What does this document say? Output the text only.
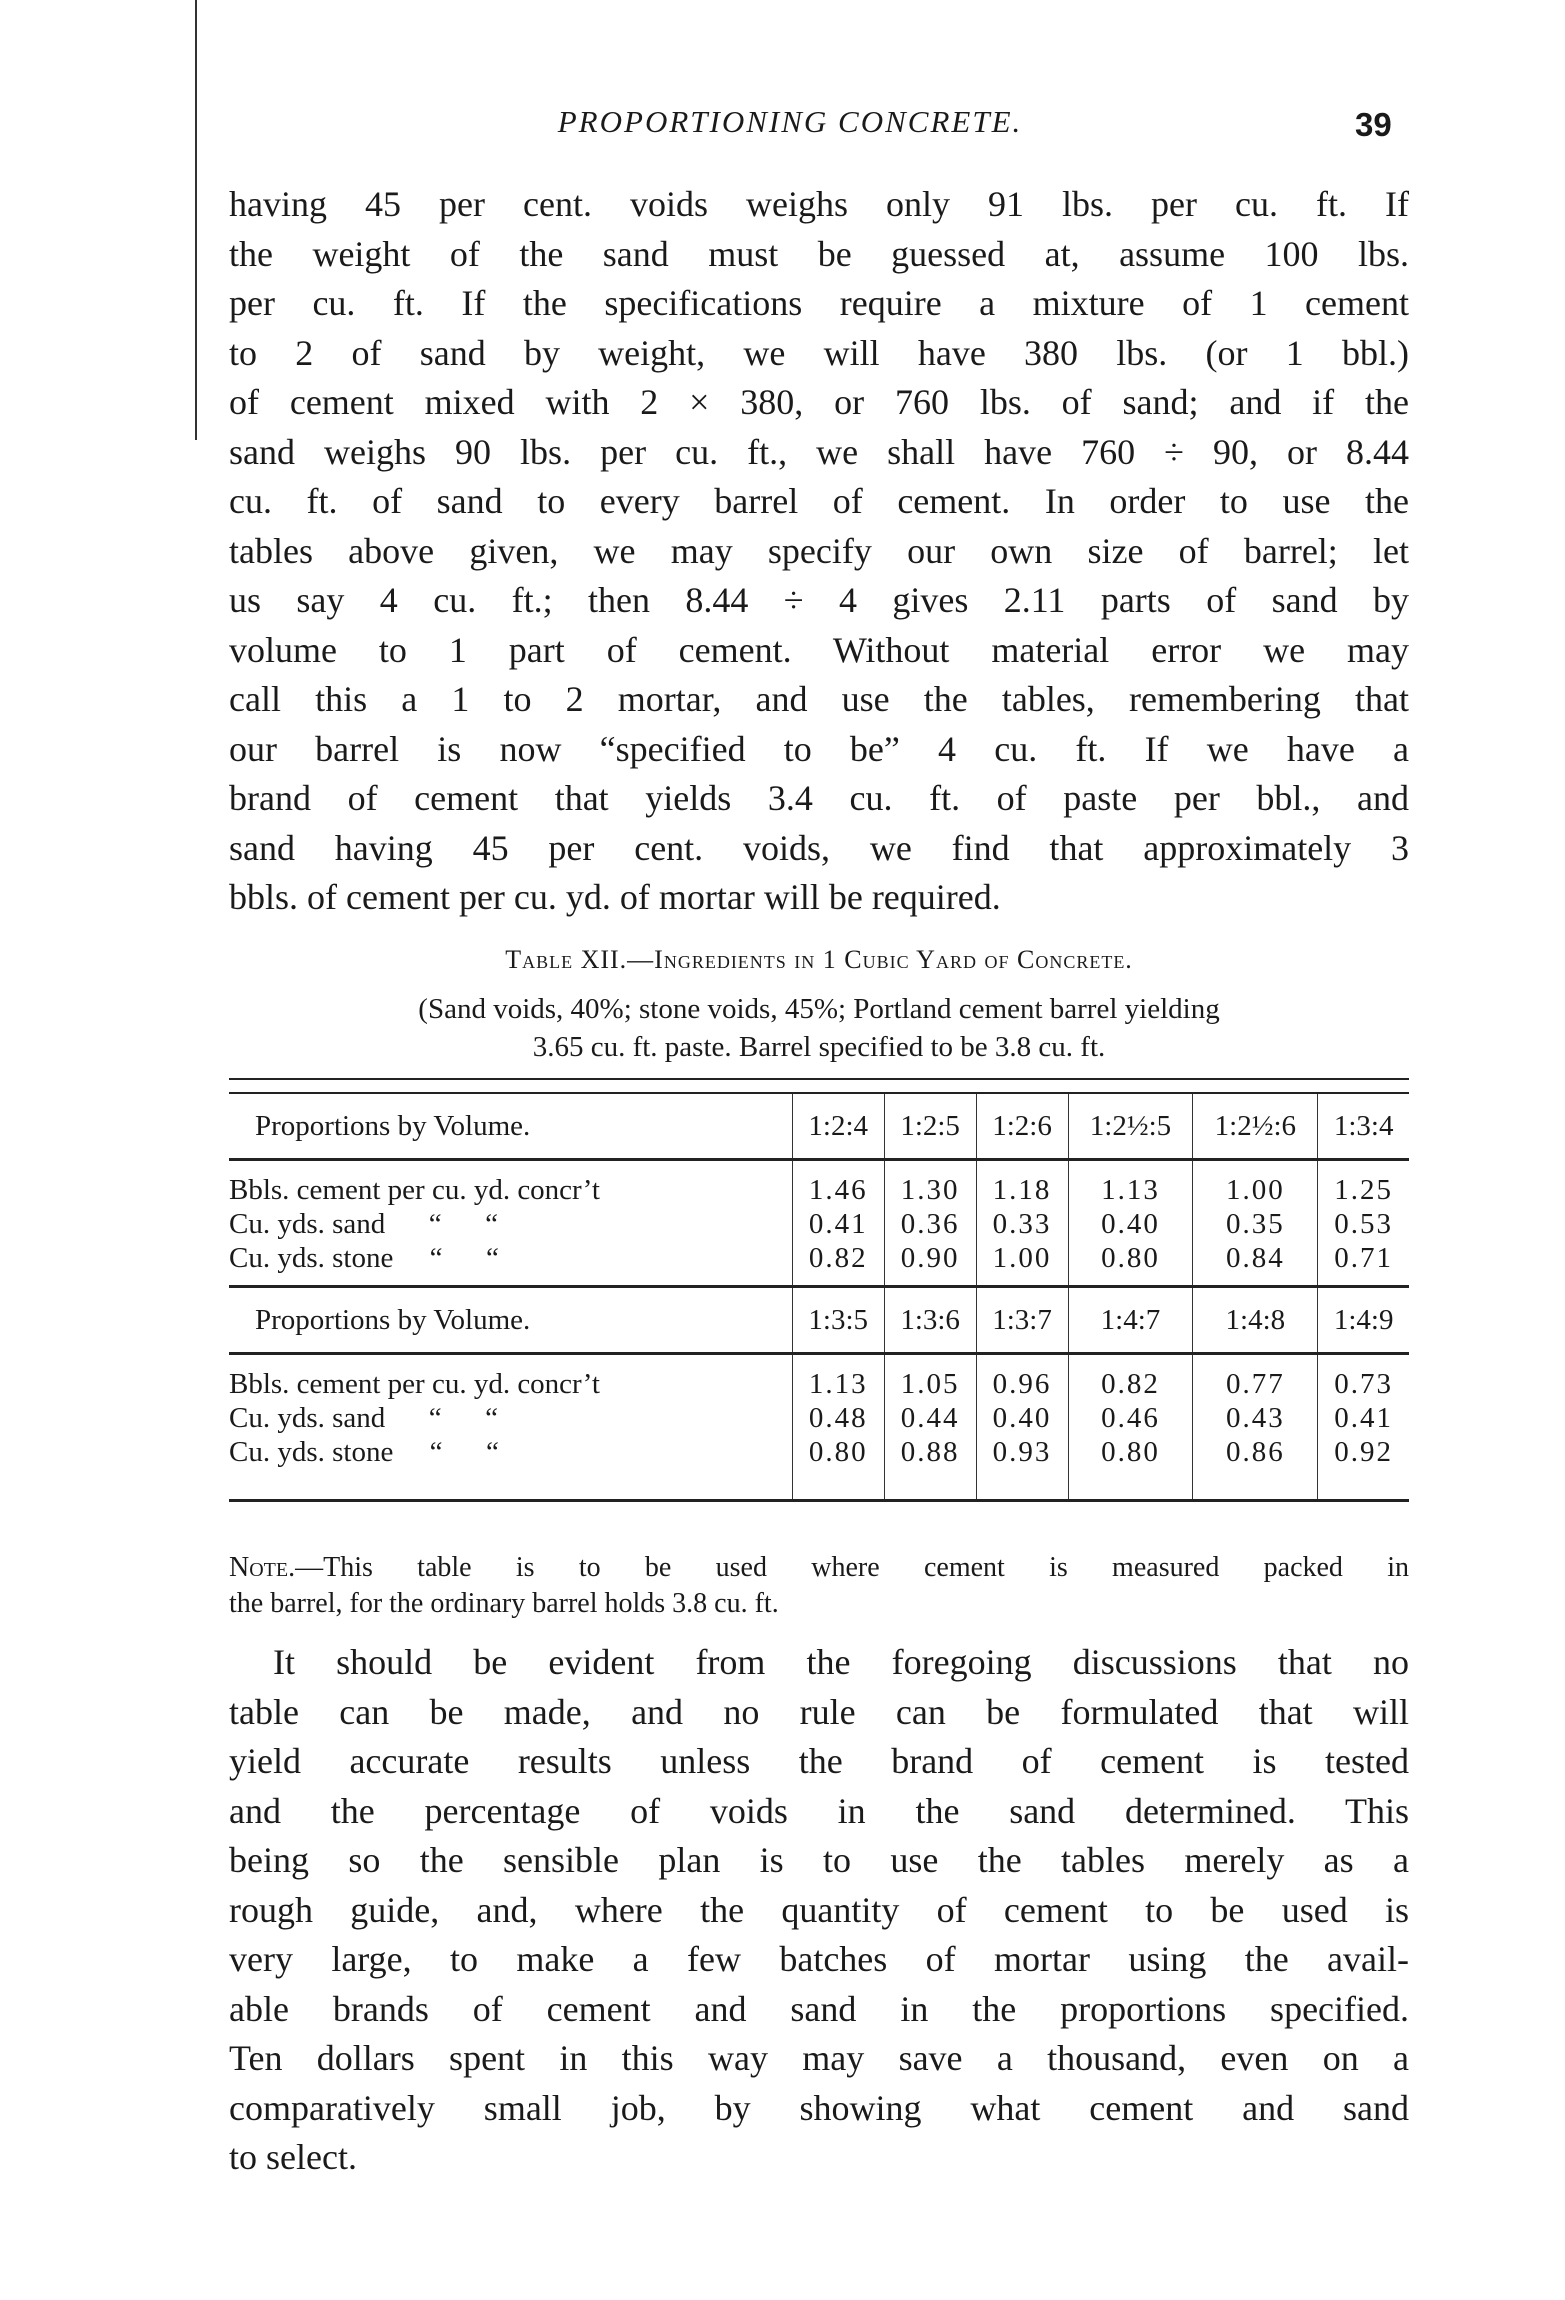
PROPORTIONING CONCRETE.	39
having 45 per cent. voids weighs only 91 lbs. per cu. ft. If
the weight of the sand must be guessed at, assume 100 lbs.
per cu. ft. If the specifications require a mixture of 1 cement
to 2 of sand by weight, we will have 380 lbs. (or 1 bbl.)
of cement mixed with 2 × 380, or 760 lbs. of sand; and if the
sand weighs 90 lbs. per cu. ft., we shall have 760 ÷ 90, or 8.44
cu. ft. of sand to every barrel of cement. In order to use the
tables above given, we may specify our own size of barrel; let
us say 4 cu. ft.; then 8.44 ÷ 4 gives 2.11 parts of sand by
volume to 1 part of cement. Without material error we may
call this a 1 to 2 mortar, and use the tables, remembering that
our barrel is now “specified to be” 4 cu. ft. If we have a
brand of cement that yields 3.4 cu. ft. of paste per bbl., and
sand having 45 per cent. voids, we find that approximately 3
bbls. of cement per cu. yd. of mortar will be required.
Table XII.—Ingredients in 1 Cubic Yard of Concrete.
(Sand voids, 40%; stone voids, 45%; Portland cement barrel yielding
3.65 cu. ft. paste. Barrel specified to be 3.8 cu. ft.

Proportions by Volume.	1:2:4	1:2:5	1:2:6	1:2½:5	1:2½:6	1:3:4

Bbls. cement per cu. yd. concr’t	1.46	1.30	1.18	1.13	1.00	1.25
Cu. yds. sand      “      “	0.41	0.36	0.33	0.40	0.35	0.53
Cu. yds. stone     “      “	0.82	0.90	1.00	0.80	0.84	0.71

Proportions by Volume.	1:3:5	1:3:6	1:3:7	1:4:7	1:4:8	1:4:9

Bbls. cement per cu. yd. concr’t	1.13	1.05	0.96	0.82	0.77	0.73
Cu. yds. sand      “      “	0.48	0.44	0.40	0.46	0.43	0.41
Cu. yds. stone     “      “	0.80	0.88	0.93	0.80	0.86	0.92

Note.—This table is to be used where cement is measured packed in
the barrel, for the ordinary barrel holds 3.8 cu. ft.
It should be evident from the foregoing discussions that no
table can be made, and no rule can be formulated that will
yield accurate results unless the brand of cement is tested
and the percentage of voids in the sand determined. This
being so the sensible plan is to use the tables merely as a
rough guide, and, where the quantity of cement to be used is
very large, to make a few batches of mortar using the avail-
able brands of cement and sand in the proportions specified.
Ten dollars spent in this way may save a thousand, even on a
comparatively small job, by showing what cement and sand
to select.
